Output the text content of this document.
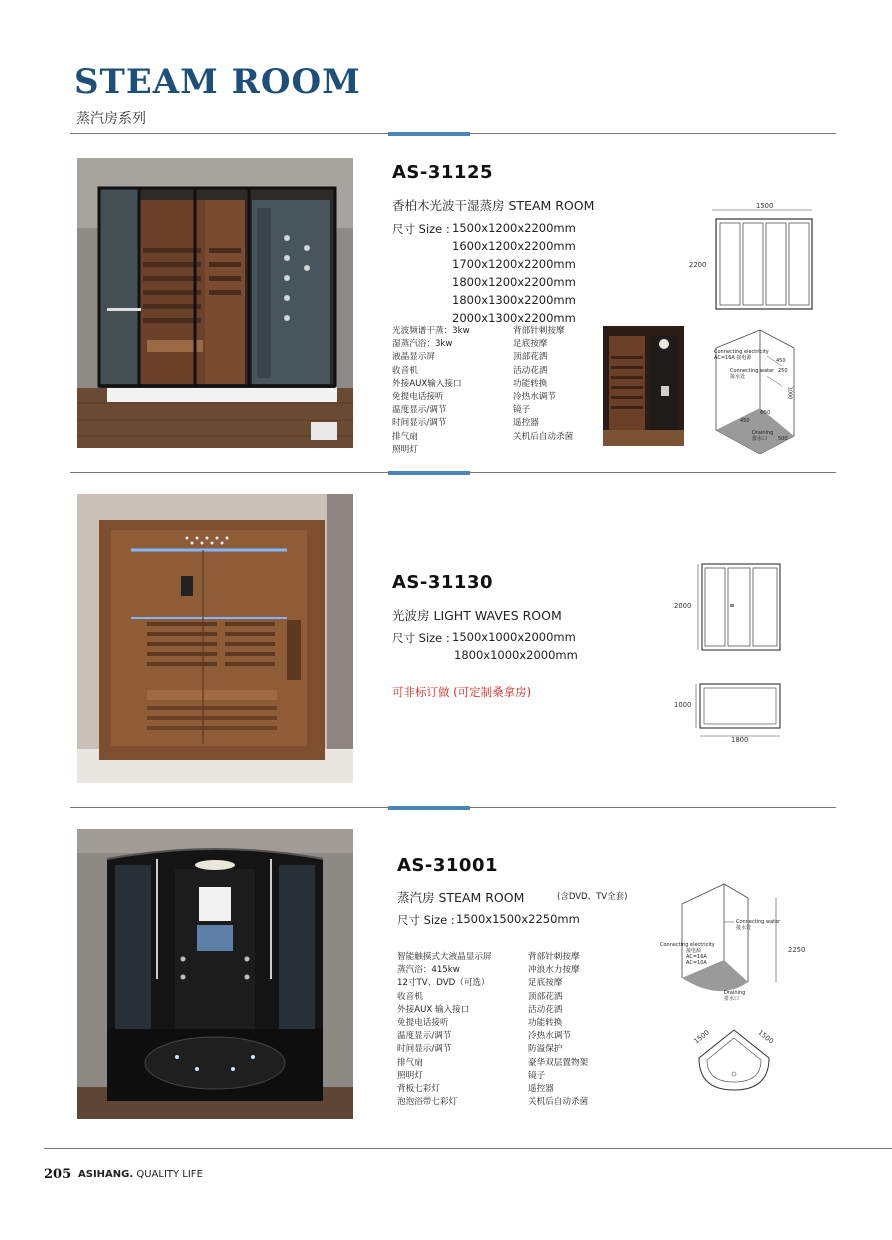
STEAM ROOM
蒸汽房系列
AS-31125
香柏木光波干湿蒸房 STEAM ROOM
尺寸 Size : 1500x1200x2200mm
1600x1200x2200mm
1700x1200x2200mm
1800x1200x2200mm
1800x1300x2200mm
2000x1300x2200mm
光波频谱干蒸：3kw
湿蒸汽浴：3kw
液晶显示屏
收音机
外接AUX输入接口
免提电话接听
温度显示/调节
时间显示/调节
排气扇
照明灯
背部针刺按摩
足底按摩
顶部花洒
活动花洒
功能转换
冷热水调节
镜子
遥控器
关机后自动杀菌
1500
2200
Connecting electricity
AC=16A 接电源
Connecting water
接水处
450
250
1000
Φ50
450
Draining
排水口	500
AS-31130
光波房 LIGHT WAVES ROOM
尺寸 Size : 1500x1000x2000mm
1800x1000x2000mm
可非标订做 (可定制桑拿房)
2000
1000
1800
AS-31001
蒸汽房 STEAM ROOM	(含DVD、TV全套)
尺寸 Size : 1500x1500x2250mm
智能触摸式大液晶显示屏
蒸汽浴：415kw
12寸TV、DVD（可选）
收音机
外接AUX 输入接口
免提电话接听
温度显示/调节
时间显示/调节
排气扇
照明灯
背板七彩灯
泡泡浴带七彩灯
背部针刺按摩
冲浪水力按摩
足底按摩
顶部花洒
活动花洒
功能转换
冷热水调节
防溢保护
豪华双层置物架
镜子
遥控器
关机后自动杀菌
2250
Connecting water
接水处
Connecting electricity
接电源
AC=16A
AC=10A
Draining
排水口
1500	1500
205 ASIHANG. QUALITY LIFE
